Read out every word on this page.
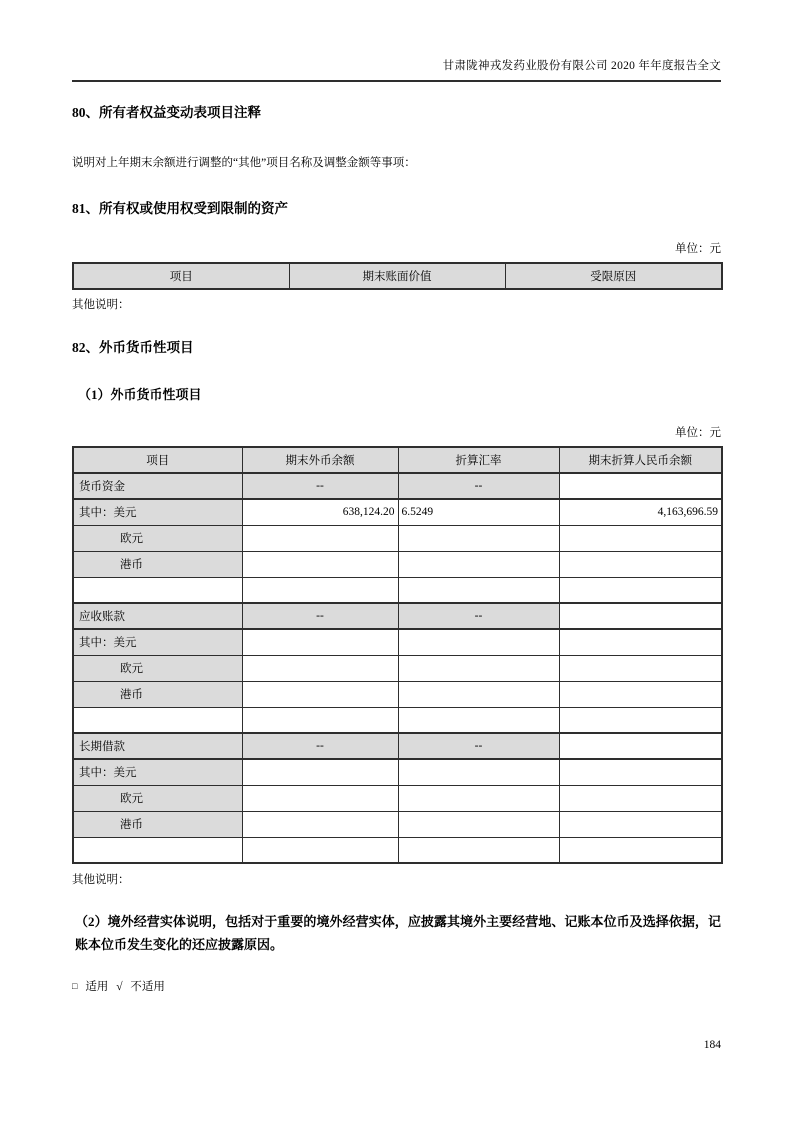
甘肃陇神戎发药业股份有限公司 2020 年年度报告全文
80、所有者权益变动表项目注释

说明对上年期末余额进行调整的“其他”项目名称及调整金额等事项：

81、所有权或使用权受到限制的资产
单位：元
项目	期末账面价值	受限原因

其他说明：

82、外币货币性项目
（1）外币货币性项目
单位：元
项目	期末外币余额	折算汇率	期末折算人民币余额
货币资金	--	--	
其中：美元	638,124.20	6.5249	4,163,696.59
欧元			
港币			

应收账款	--	--	
其中：美元			
欧元			
港币			

长期借款	--	--	
其中：美元			
欧元			
港币			

其他说明：

（2）境外经营实体说明，包括对于重要的境外经营实体，应披露其境外主要经营地、记账本位币及选择依据，记账本位币发生变化的还应披露原因。

□ 适用 √ 不适用

184
